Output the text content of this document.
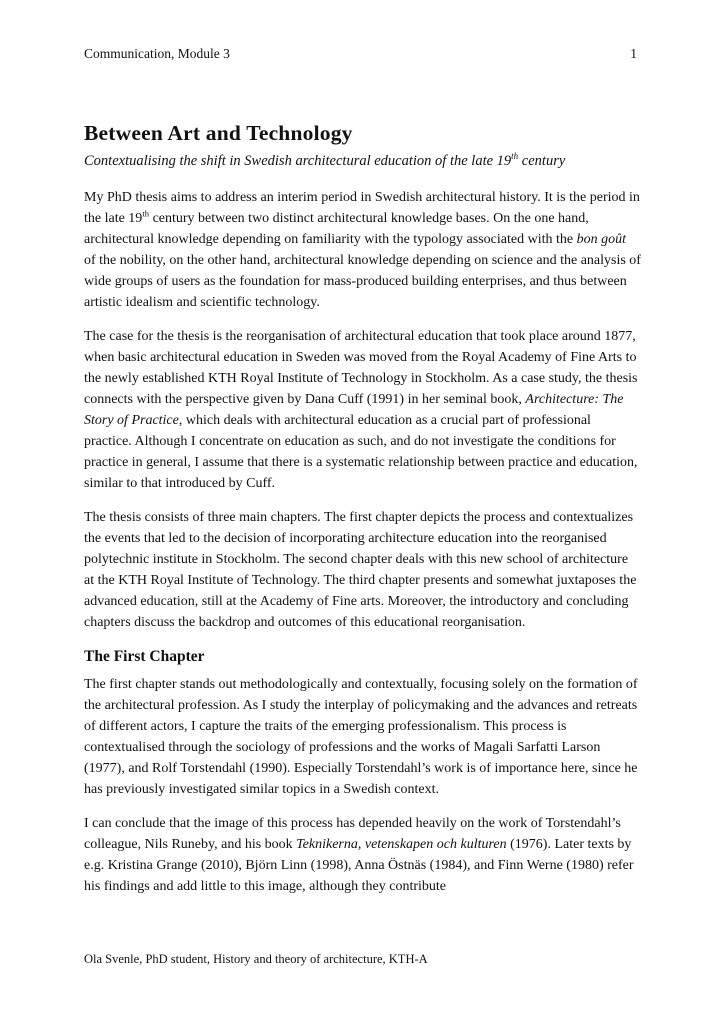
Communication, Module 3	1
Between Art and Technology
Contextualising the shift in Swedish architectural education of the late 19th century

My PhD thesis aims to address an interim period in Swedish architectural history. It is the period in the late 19th century between two distinct architectural knowledge bases. On the one hand, architectural knowledge depending on familiarity with the typology associated with the bon goût of the nobility, on the other hand, architectural knowledge depending on science and the analysis of wide groups of users as the foundation for mass-produced building enterprises, and thus between artistic idealism and scientific technology.

The case for the thesis is the reorganisation of architectural education that took place around 1877, when basic architectural education in Sweden was moved from the Royal Academy of Fine Arts to the newly established KTH Royal Institute of Technology in Stockholm. As a case study, the thesis connects with the perspective given by Dana Cuff (1991) in her seminal book, Architecture: The Story of Practice, which deals with architectural education as a crucial part of professional practice. Although I concentrate on education as such, and do not investigate the conditions for practice in general, I assume that there is a systematic relationship between practice and education, similar to that introduced by Cuff.

The thesis consists of three main chapters. The first chapter depicts the process and contextualizes the events that led to the decision of incorporating architecture education into the reorganised polytechnic institute in Stockholm. The second chapter deals with this new school of architecture at the KTH Royal Institute of Technology. The third chapter presents and somewhat juxtaposes the advanced education, still at the Academy of Fine arts. Moreover, the introductory and concluding chapters discuss the backdrop and outcomes of this educational reorganisation.

The First Chapter

The first chapter stands out methodologically and contextually, focusing solely on the formation of the architectural profession. As I study the interplay of policymaking and the advances and retreats of different actors, I capture the traits of the emerging professionalism. This process is contextualised through the sociology of professions and the works of Magali Sarfatti Larson (1977), and Rolf Torstendahl (1990). Especially Torstendahl’s work is of importance here, since he has previously investigated similar topics in a Swedish context.

I can conclude that the image of this process has depended heavily on the work of Torstendahl’s colleague, Nils Runeby, and his book Teknikerna, vetenskapen och kulturen (1976). Later texts by e.g. Kristina Grange (2010), Björn Linn (1998), Anna Östnäs (1984), and Finn Werne (1980) refer his findings and add little to this image, although they contribute

Ola Svenle, PhD student, History and theory of architecture, KTH-A
